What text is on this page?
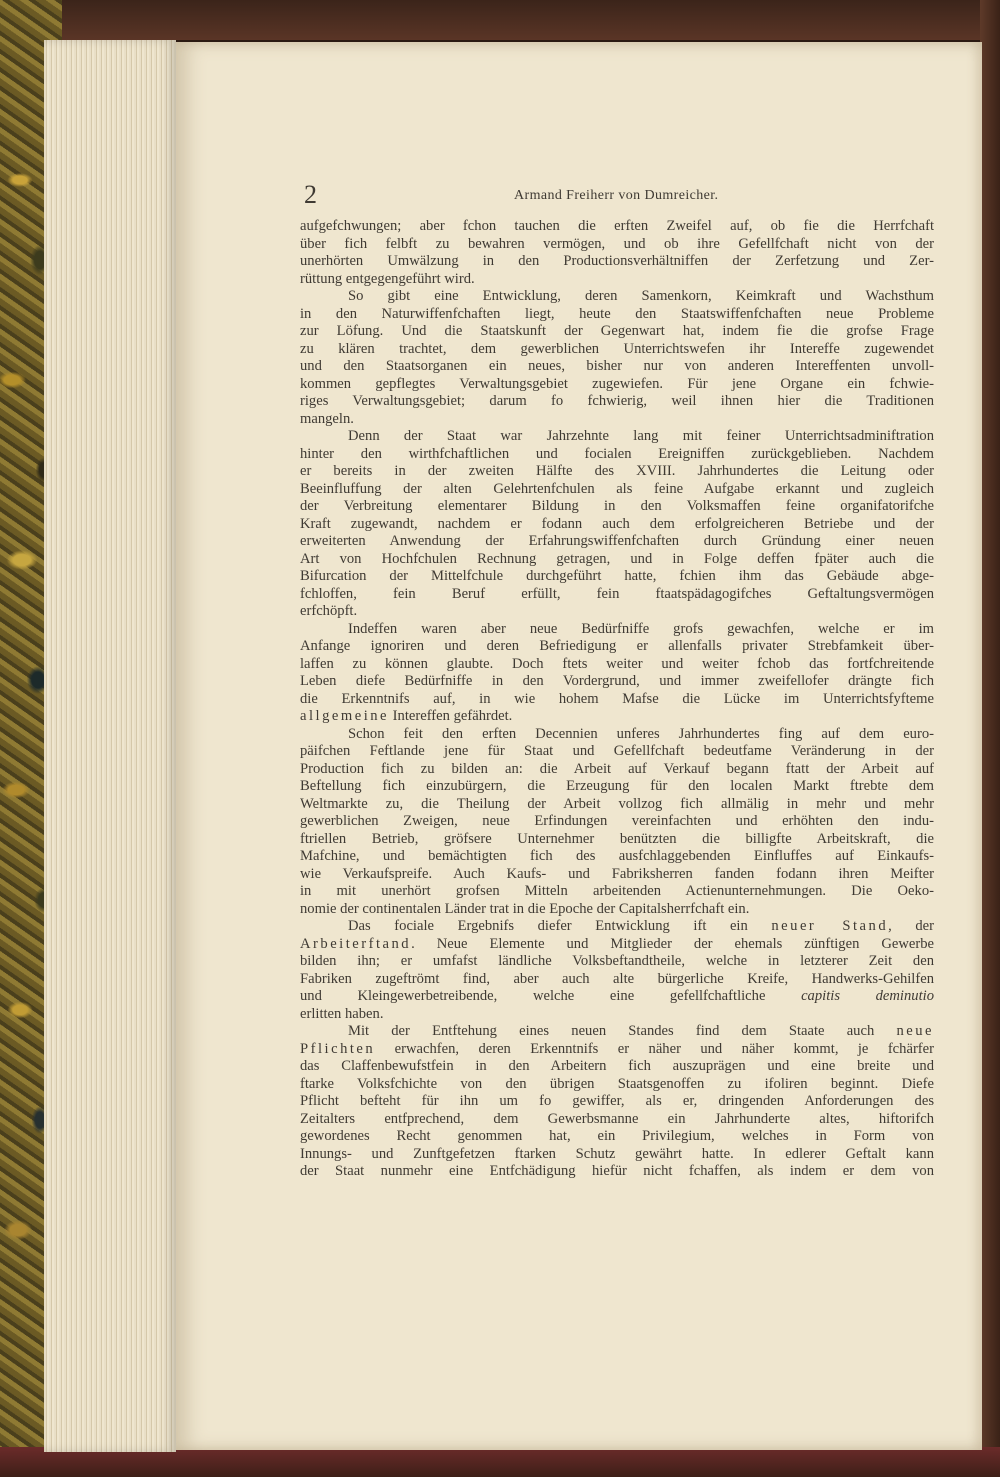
2	Armand Freiherr von Dumreicher.
aufgefchwungen; aber fchon tauchen die erften Zweifel auf, ob fie die Herrfchaft
über fich felbft zu bewahren vermögen, und ob ihre Gefellfchaft nicht von der
unerhörten Umwälzung in den Productionsverhältniffen der Zerfetzung und Zer-
rüttung entgegengeführt wird.
So gibt eine Entwicklung, deren Samenkorn, Keimkraft und Wachsthum
in den Naturwiffenfchaften liegt, heute den Staatswiffenfchaften neue Probleme
zur Löfung. Und die Staatskunft der Gegenwart hat, indem fie die grofse Frage
zu klären trachtet, dem gewerblichen Unterrichtswefen ihr Intereffe zugewendet
und den Staatsorganen ein neues, bisher nur von anderen Intereffenten unvoll-
kommen gepflegtes Verwaltungsgebiet zugewiefen. Für jene Organe ein fchwie-
riges Verwaltungsgebiet; darum fo fchwierig, weil ihnen hier die Traditionen
mangeln.
Denn der Staat war Jahrzehnte lang mit feiner Unterrichtsadminiftration
hinter den wirthfchaftlichen und focialen Ereigniffen zurückgeblieben. Nachdem
er bereits in der zweiten Hälfte des XVIII. Jahrhundertes die Leitung oder
Beeinfluffung der alten Gelehrtenfchulen als feine Aufgabe erkannt und zugleich
der Verbreitung elementarer Bildung in den Volksmaffen feine organifatorifche
Kraft zugewandt, nachdem er fodann auch dem erfolgreicheren Betriebe und der
erweiterten Anwendung der Erfahrungswiffenfchaften durch Gründung einer neuen
Art von Hochfchulen Rechnung getragen, und in Folge deffen fpäter auch die
Bifurcation der Mittelfchule durchgeführt hatte, fchien ihm das Gebäude abge-
fchloffen, fein Beruf erfüllt, fein ftaatspädagogifches Geftaltungsvermögen
erfchöpft.
Indeffen waren aber neue Bedürfniffe grofs gewachfen, welche er im
Anfange ignoriren und deren Befriedigung er allenfalls privater Strebfamkeit über-
laffen zu können glaubte. Doch ftets weiter und weiter fchob das fortfchreitende
Leben diefe Bedürfniffe in den Vordergrund, und immer zweifellofer drängte fich
die Erkenntnifs auf, in wie hohem Mafse die Lücke im Unterrichtsfyfteme
allgemeine Intereffen gefährdet.
Schon feit den erften Decennien unferes Jahrhundertes fing auf dem euro-
päifchen Feftlande jene für Staat und Gefellfchaft bedeutfame Veränderung in der
Production fich zu bilden an: die Arbeit auf Verkauf begann ftatt der Arbeit auf
Beftellung fich einzubürgern, die Erzeugung für den localen Markt ftrebte dem
Weltmarkte zu, die Theilung der Arbeit vollzog fich allmälig in mehr und mehr
gewerblichen Zweigen, neue Erfindungen vereinfachten und erhöhten den indu-
ftriellen Betrieb, gröfsere Unternehmer benützten die billigfte Arbeitskraft, die
Mafchine, und bemächtigten fich des ausfchlaggebenden Einfluffes auf Einkaufs-
wie Verkaufspreife. Auch Kaufs- und Fabriksherren fanden fodann ihren Meifter
in mit unerhört grofsen Mitteln arbeitenden Actienunternehmungen. Die Oeko-
nomie der continentalen Länder trat in die Epoche der Capitalsherrfchaft ein.
Das fociale Ergebnifs diefer Entwicklung ift ein neuer Stand, der
Arbeiterftand. Neue Elemente und Mitglieder der ehemals zünftigen Gewerbe
bilden ihn; er umfafst ländliche Volksbeftandtheile, welche in letzterer Zeit den
Fabriken zugeftrömt find, aber auch alte bürgerliche Kreife, Handwerks-Gehilfen
und Kleingewerbetreibende, welche eine gefellfchaftliche capitis deminutio
erlitten haben.
Mit der Entftehung eines neuen Standes find dem Staate auch neue
Pflichten erwachfen, deren Erkenntnifs er näher und näher kommt, je fchärfer
das Claffenbewufstfein in den Arbeitern fich auszuprägen und eine breite und
ftarke Volksfchichte von den übrigen Staatsgenoffen zu ifoliren beginnt. Diefe
Pflicht befteht für ihn um fo gewiffer, als er, dringenden Anforderungen des
Zeitalters entfprechend, dem Gewerbsmanne ein Jahrhunderte altes, hiftorifch
gewordenes Recht genommen hat, ein Privilegium, welches in Form von
Innungs- und Zunftgefetzen ftarken Schutz gewährt hatte. In edlerer Geftalt kann
der Staat nunmehr eine Entfchädigung hiefür nicht fchaffen, als indem er dem von
